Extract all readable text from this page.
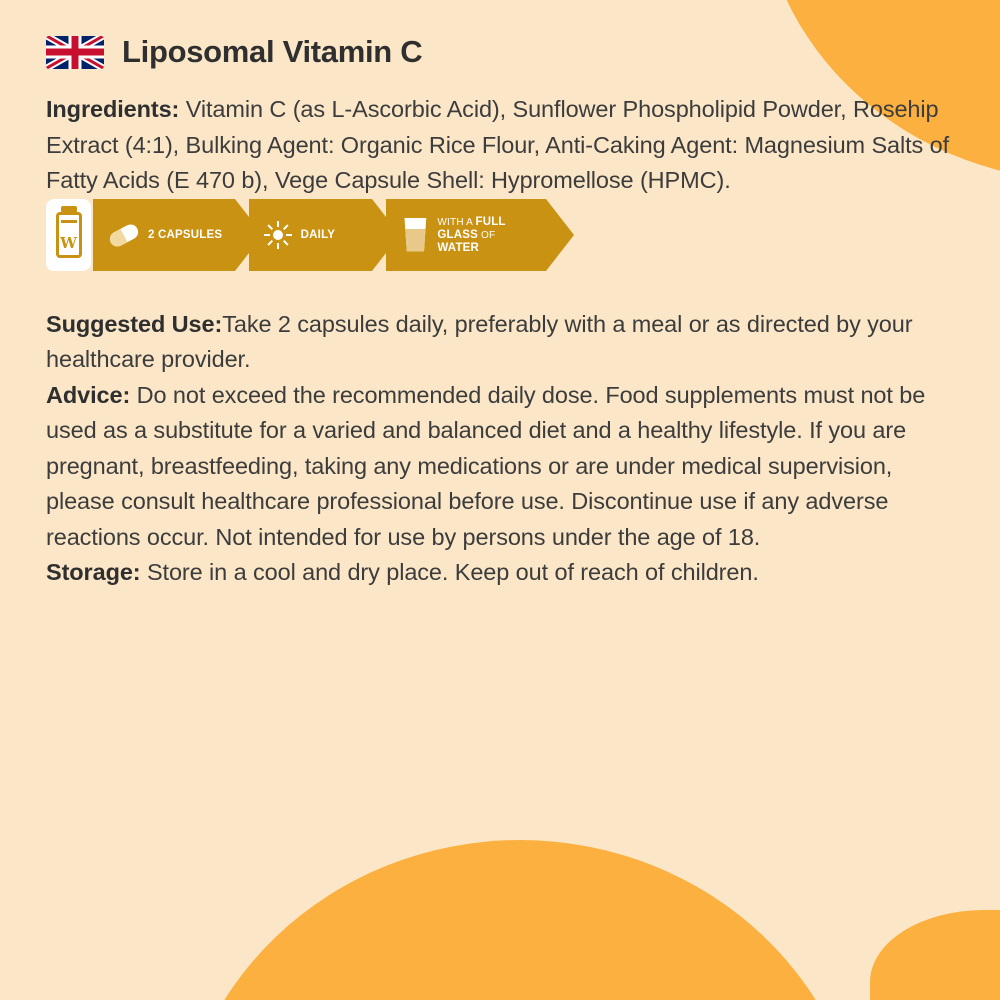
Liposomal Vitamin C

Ingredients: Vitamin C (as L-Ascorbic Acid), Sunflower Phospholipid Powder, Rosehip Extract (4:1), Bulking Agent: Organic Rice Flour, Anti-Caking Agent: Magnesium Salts of Fatty Acids (E 470 b), Vege Capsule Shell: Hypromellose (HPMC).

W	2 CAPSULES	DAILY
WITH A FULL
GLASS OF
WATER

Suggested Use:Take 2 capsules daily, preferably with a meal or as directed by your healthcare provider.

Advice: Do not exceed the recommended daily dose. Food supplements must not be used as a substitute for a varied and balanced diet and a healthy lifestyle. If you are pregnant, breastfeeding, taking any medications or are under medical supervision, please consult healthcare professional before use. Discontinue use if any adverse reactions occur. Not intended for use by persons under the age of 18.

Storage: Store in a cool and dry place. Keep out of reach of children.
